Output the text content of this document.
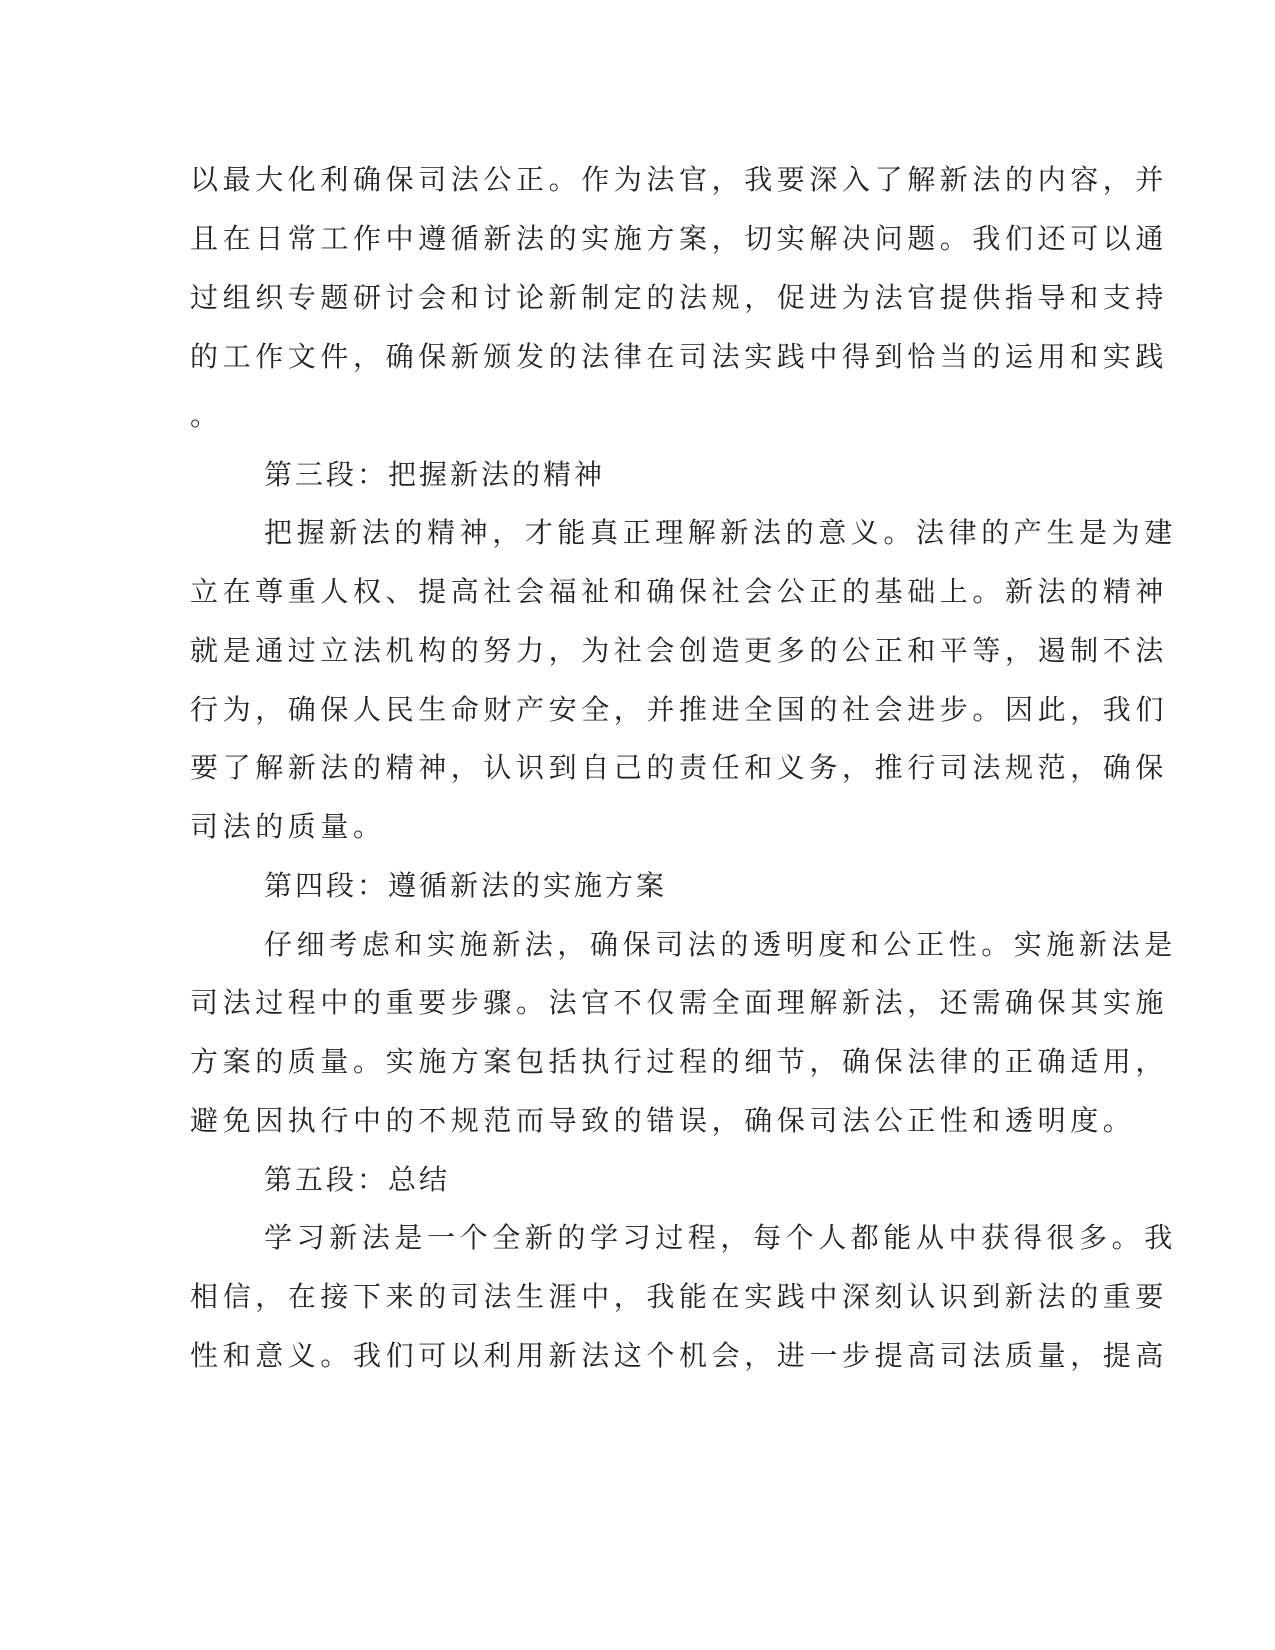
以最大化利确保司法公正。作为法官，我要深入了解新法的内容，并
且在日常工作中遵循新法的实施方案，切实解决问题。我们还可以通
过组织专题研讨会和讨论新制定的法规，促进为法官提供指导和支持
的工作文件，确保新颁发的法律在司法实践中得到恰当的运用和实践
。
第三段：把握新法的精神
把握新法的精神，才能真正理解新法的意义。法律的产生是为建
立在尊重人权、提高社会福祉和确保社会公正的基础上。新法的精神
就是通过立法机构的努力，为社会创造更多的公正和平等，遏制不法
行为，确保人民生命财产安全，并推进全国的社会进步。因此，我们
要了解新法的精神，认识到自己的责任和义务，推行司法规范，确保
司法的质量。
第四段：遵循新法的实施方案
仔细考虑和实施新法，确保司法的透明度和公正性。实施新法是
司法过程中的重要步骤。法官不仅需全面理解新法，还需确保其实施
方案的质量。实施方案包括执行过程的细节，确保法律的正确适用，
避免因执行中的不规范而导致的错误，确保司法公正性和透明度。
第五段：总结
学习新法是一个全新的学习过程，每个人都能从中获得很多。我
相信，在接下来的司法生涯中，我能在实践中深刻认识到新法的重要
性和意义。我们可以利用新法这个机会，进一步提高司法质量，提高
